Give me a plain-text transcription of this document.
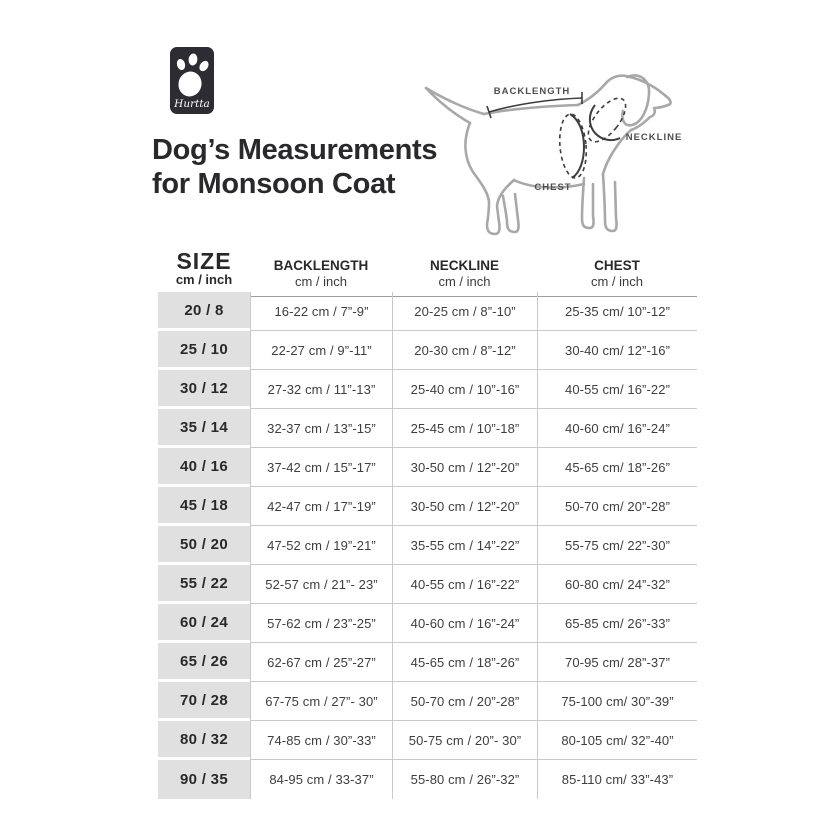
Hurtta
Dog’s Measurements
for Monsoon Coat
BACKLENGTH
NECKLINE
CHEST
SIZE
cm / inch
BACKLENGTH
cm / inch
NECKLINE
cm / inch
CHEST
cm / inch
20 / 8	16-22 cm / 7”-9”	20-25 cm / 8”-10”	25-35 cm/ 10”-12”
25 / 10	22-27 cm / 9”-11”	20-30 cm / 8”-12”	30-40 cm/ 12”-16”
30 / 12	27-32 cm / 11”-13”	25-40 cm / 10”-16”	40-55 cm/ 16”-22”
35 / 14	32-37 cm / 13”-15”	25-45 cm / 10”-18”	40-60 cm/ 16”-24”
40 / 16	37-42 cm / 15”-17”	30-50 cm / 12”-20”	45-65 cm/ 18”-26”
45 / 18	42-47 cm / 17”-19”	30-50 cm / 12”-20”	50-70 cm/ 20”-28”
50 / 20	47-52 cm / 19”-21”	35-55 cm / 14”-22”	55-75 cm/ 22”-30”
55 / 22	52-57 cm / 21”- 23”	40-55 cm / 16”-22”	60-80 cm/ 24”-32”
60 / 24	57-62 cm / 23”-25”	40-60 cm / 16”-24”	65-85 cm/ 26”-33”
65 / 26	62-67 cm / 25”-27”	45-65 cm / 18”-26”	70-95 cm/ 28”-37”
70 / 28	67-75 cm / 27”- 30”	50-70 cm / 20”-28”	75-100 cm/ 30”-39”
80 / 32	74-85 cm / 30”-33”	50-75 cm / 20”- 30”	80-105 cm/ 32”-40”
90 / 35	84-95 cm / 33-37”	55-80 cm / 26”-32”	85-110 cm/ 33”-43”
